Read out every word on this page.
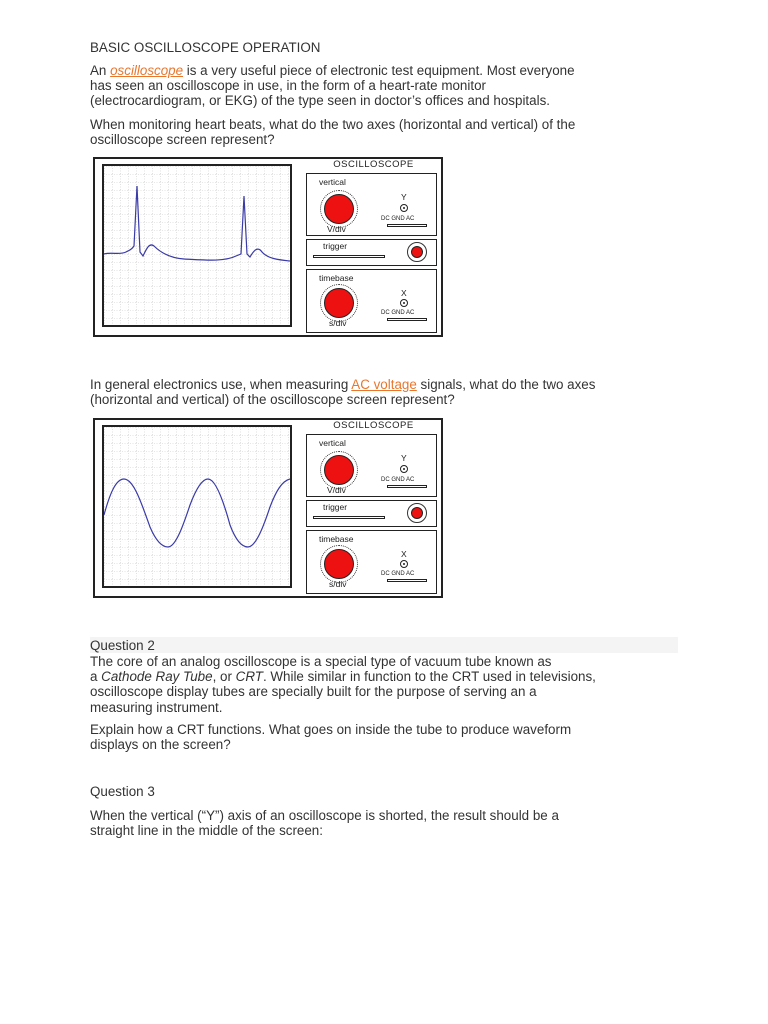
BASIC OSCILLOSCOPE OPERATION

An oscilloscope is a very useful piece of electronic test equipment. Most everyone
has seen an oscilloscope in use, in the form of a heart-rate monitor
(electrocardiogram, or EKG) of the type seen in doctor’s offices and hospitals.

When monitoring heart beats, what do the two axes (horizontal and vertical) of the
oscilloscope screen represent?

OSCILLOSCOPE
vertical
V/div
Y
DC GND AC
trigger
timebase
s/div
X
DC GND AC

In general electronics use, when measuring AC voltage signals, what do the two axes
(horizontal and vertical) of the oscilloscope screen represent?

OSCILLOSCOPE
vertical
V/div
Y
DC GND AC
trigger
timebase
s/div
X
DC GND AC

Question 2

The core of an analog oscilloscope is a special type of vacuum tube known as
a Cathode Ray Tube, or CRT. While similar in function to the CRT used in televisions,
oscilloscope display tubes are specially built for the purpose of serving an a
measuring instrument.

Explain how a CRT functions. What goes on inside the tube to produce waveform
displays on the screen?

Question 3

When the vertical (“Y”) axis of an oscilloscope is shorted, the result should be a
straight line in the middle of the screen:
